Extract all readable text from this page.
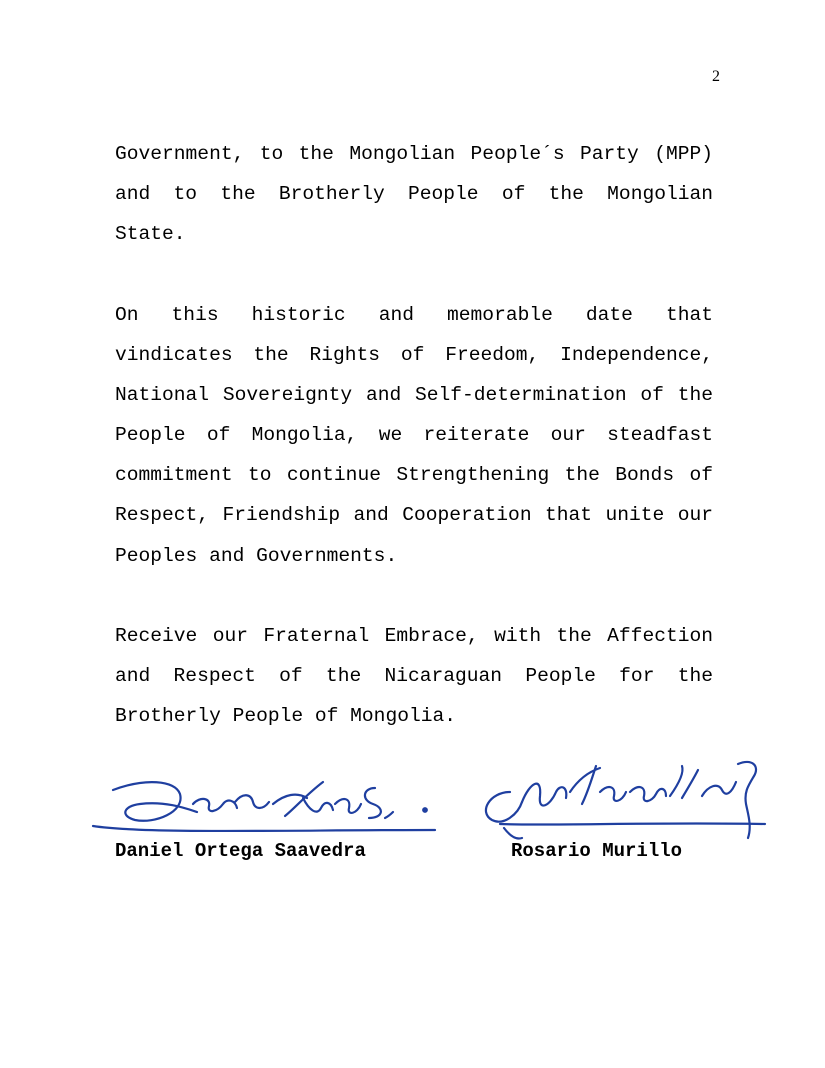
2
Government, to the Mongolian People´s Party (MPP) and to the Brotherly People of the Mongolian State.
On this historic and memorable date that vindicates the Rights of Freedom, Independence, National Sovereignty and Self-determination of the People of Mongolia, we reiterate our steadfast commitment to continue Strengthening the Bonds of Respect, Friendship and Cooperation that unite our Peoples and Governments.
Receive our Fraternal Embrace, with the Affection and Respect of the Nicaraguan People for the Brotherly People of Mongolia.
Daniel Ortega Saavedra	Rosario Murillo
